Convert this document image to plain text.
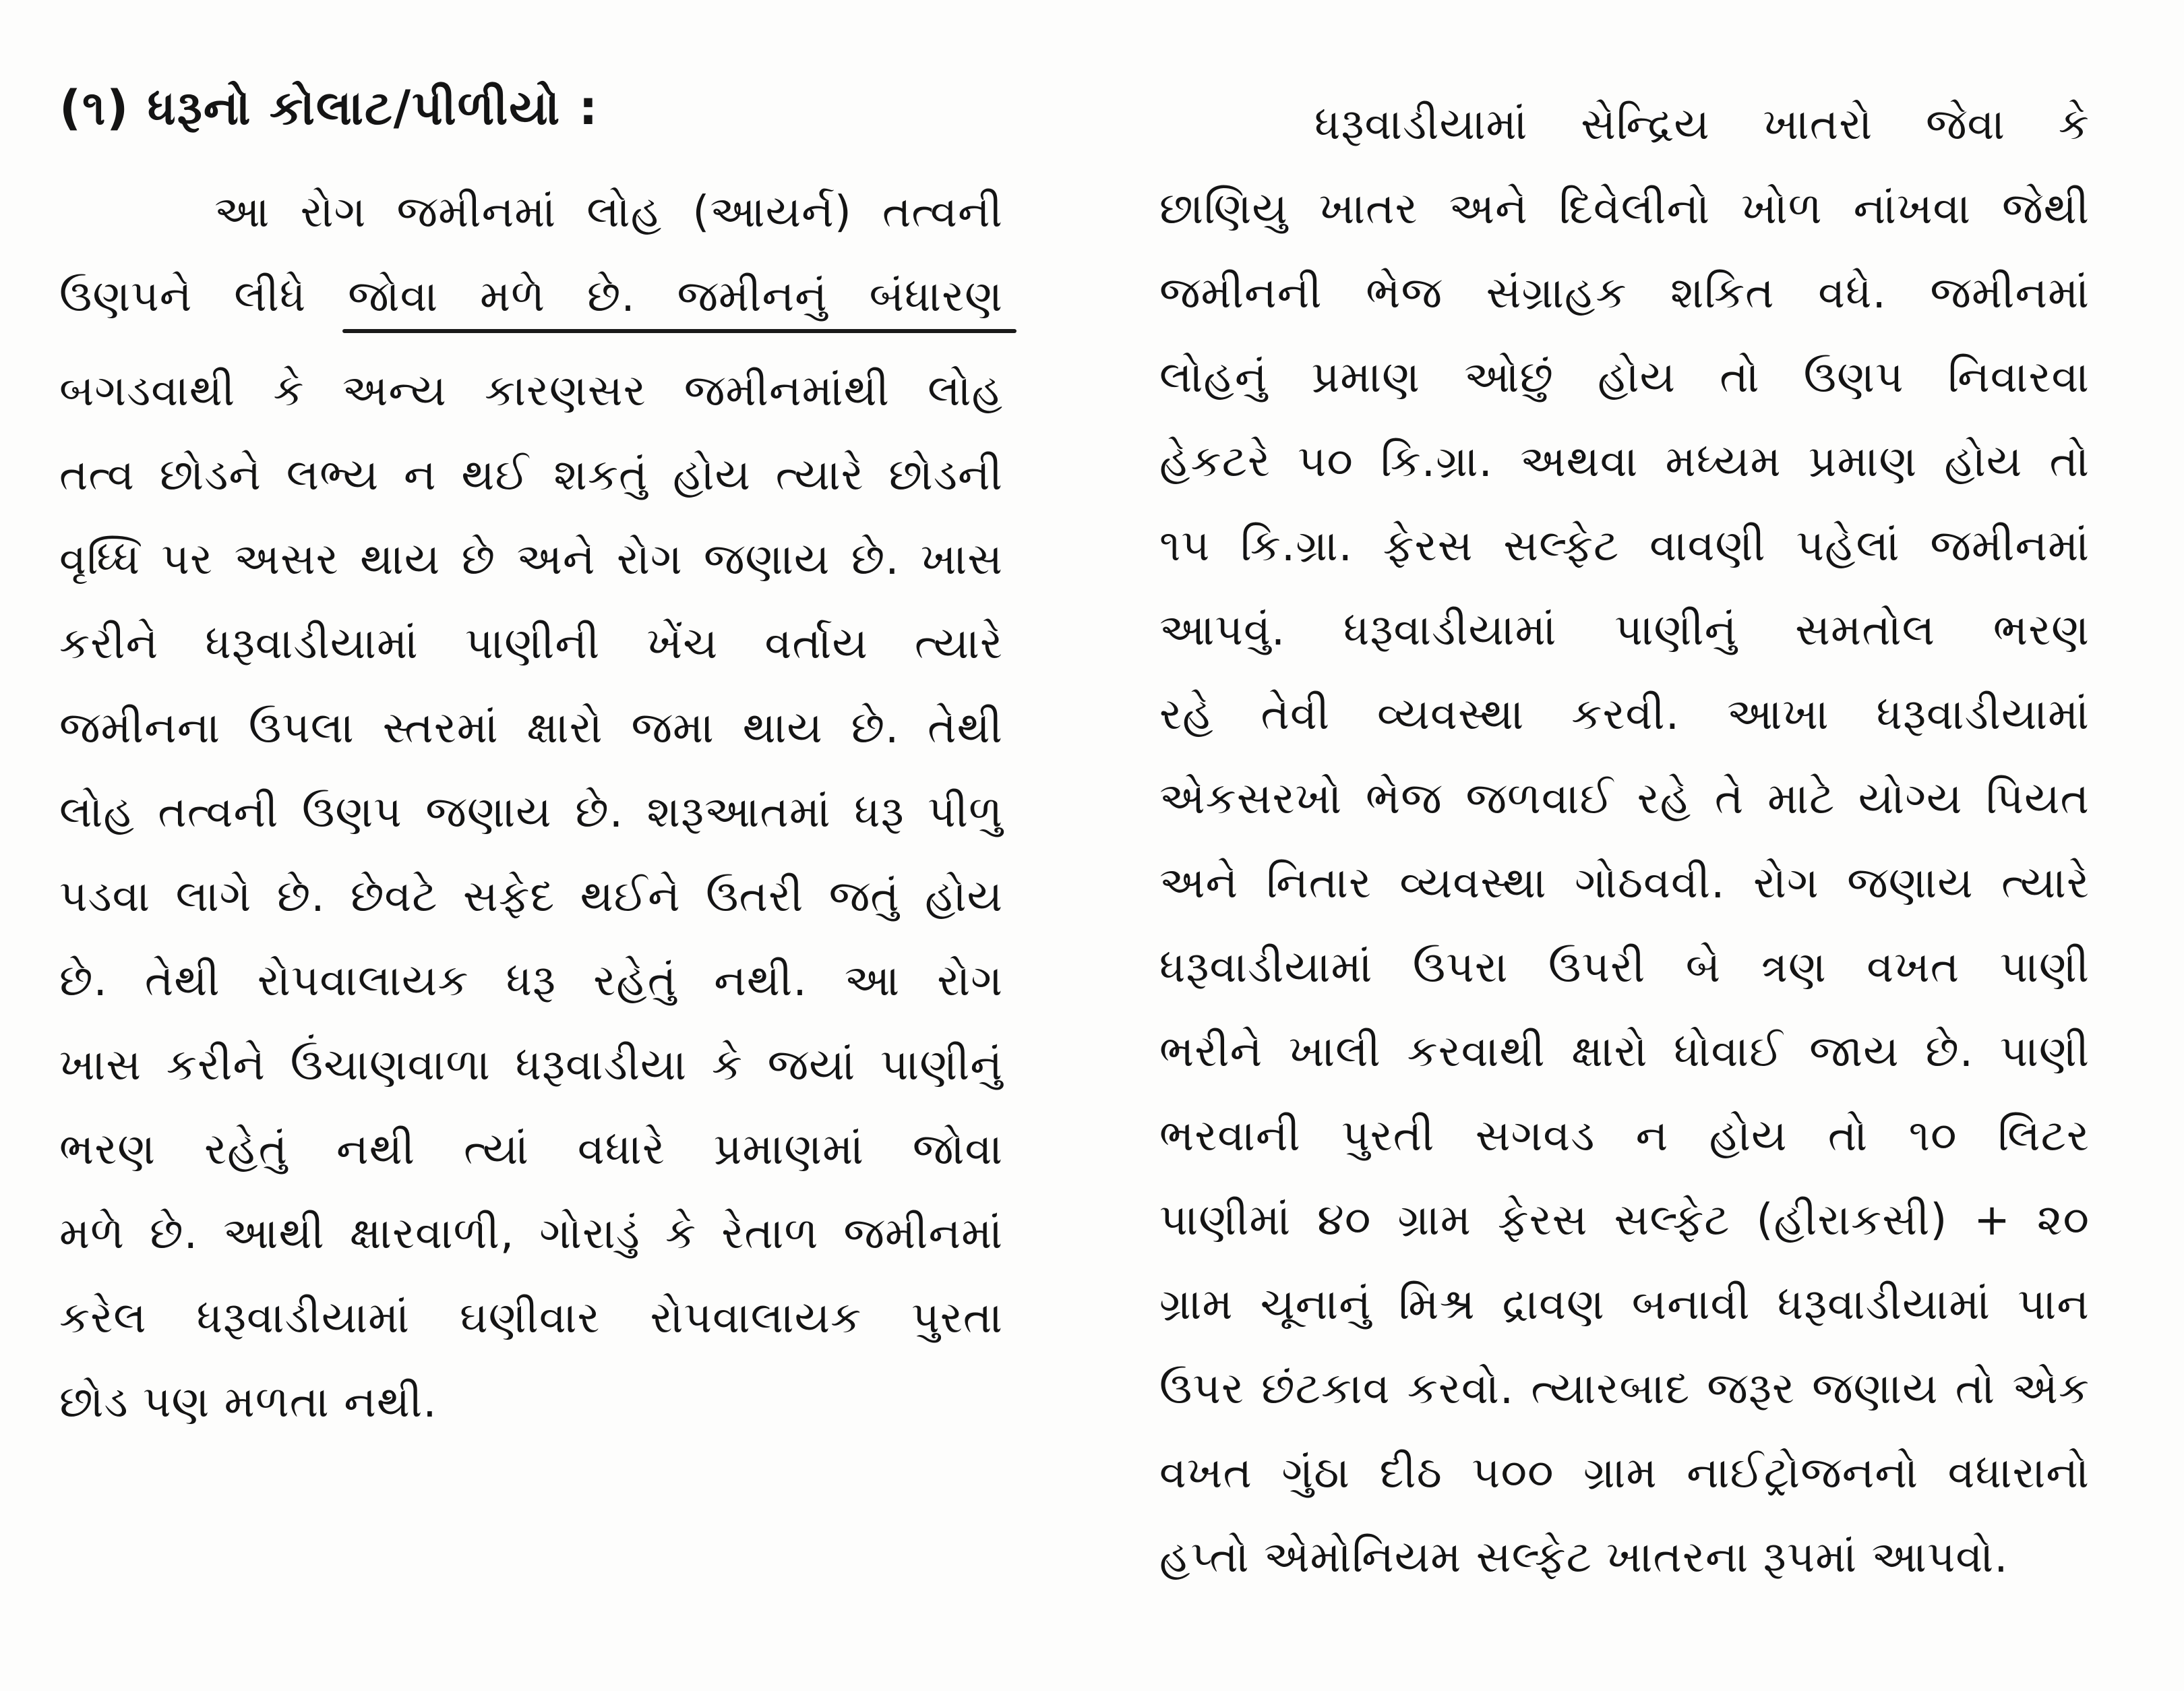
(૧) ધરૂનો કોલાટ/પીળીયો :

આ રોગ જમીનમાં લોહ (આયર્ન) તત્વની

ઉણપને લીધે જોવા મળે છે. જમીનનું બંધારણ

બગડવાથી કે અન્ય કારણસર જમીનમાંથી લોહ

તત્વ છોડને લભ્ય ન થઈ શકતું હોય ત્યારે છોડની

વૃધ્ધિ પર અસર થાય છે અને રોગ જણાય છે. ખાસ

કરીને ધરૂવાડીયામાં પાણીની ખેંચ વર્તાય ત્યારે

જમીનના ઉપલા સ્તરમાં ક્ષારો જમા થાય છે. તેથી

લોહ તત્વની ઉણપ જણાય છે. શરૂઆતમાં ધરૂ પીળુ

પડવા લાગે છે. છેવટે સફેદ થઈને ઉતરી જતું હોય

છે. તેથી રોપવાલાયક ધરૂ રહેતું નથી. આ રોગ

ખાસ કરીને ઉંચાણવાળા ધરૂવાડીયા કે જયાં પાણીનું

ભરણ રહેતું નથી ત્યાં વધારે પ્રમાણમાં જોવા

મળે છે. આથી ક્ષારવાળી, ગોરાડું કે રેતાળ જમીનમાં

કરેલ ધરૂવાડીયામાં ઘણીવાર રોપવાલાયક પુરતા

છોડ પણ મળતા નથી.

ધરૂવાડીયામાં સેન્દ્રિય ખાતરો જેવા કે

છાણિયુ ખાતર અને દિવેલીનો ખોળ નાંખવા જેથી

જમીનની ભેજ સંગ્રાહક શકિત વધે. જમીનમાં

લોહનું પ્રમાણ ઓછું હોય તો ઉણપ નિવારવા

હેકટરે ૫૦ કિ.ગ્રા. અથવા મધ્યમ પ્રમાણ હોય તો

૧૫ કિ.ગ્રા. ફેરસ સલ્ફેટ વાવણી પહેલાં જમીનમાં

આપવું. ધરૂવાડીયામાં પાણીનું સમતોલ ભરણ

રહે તેવી વ્યવસ્થા કરવી. આખા ધરૂવાડીયામાં

એકસરખો ભેજ જળવાઈ રહે તે માટે યોગ્ય પિયત

અને નિતાર વ્યવસ્થા ગોઠવવી. રોગ જણાય ત્યારે

ધરૂવાડીયામાં ઉપરા ઉપરી બે ત્રણ વખત પાણી

ભરીને ખાલી કરવાથી ક્ષારો ધોવાઈ જાય છે. પાણી

ભરવાની પુરતી સગવડ ન હોય તો ૧૦ લિટર

પાણીમાં ૪૦ ગ્રામ ફેરસ સલ્ફેટ (હીરાકસી) + ૨૦

ગ્રામ ચૂનાનું મિશ્ર દ્રાવણ બનાવી ધરૂવાડીયામાં પાન

ઉપર છંટકાવ કરવો. ત્યારબાદ જરૂર જણાય તો એક

વખત ગુંઠા દીઠ ૫૦૦ ગ્રામ નાઈટ્રોજનનો વધારાનો

હપ્તો એમોનિયમ સલ્ફેટ ખાતરના રૂપમાં આપવો.
